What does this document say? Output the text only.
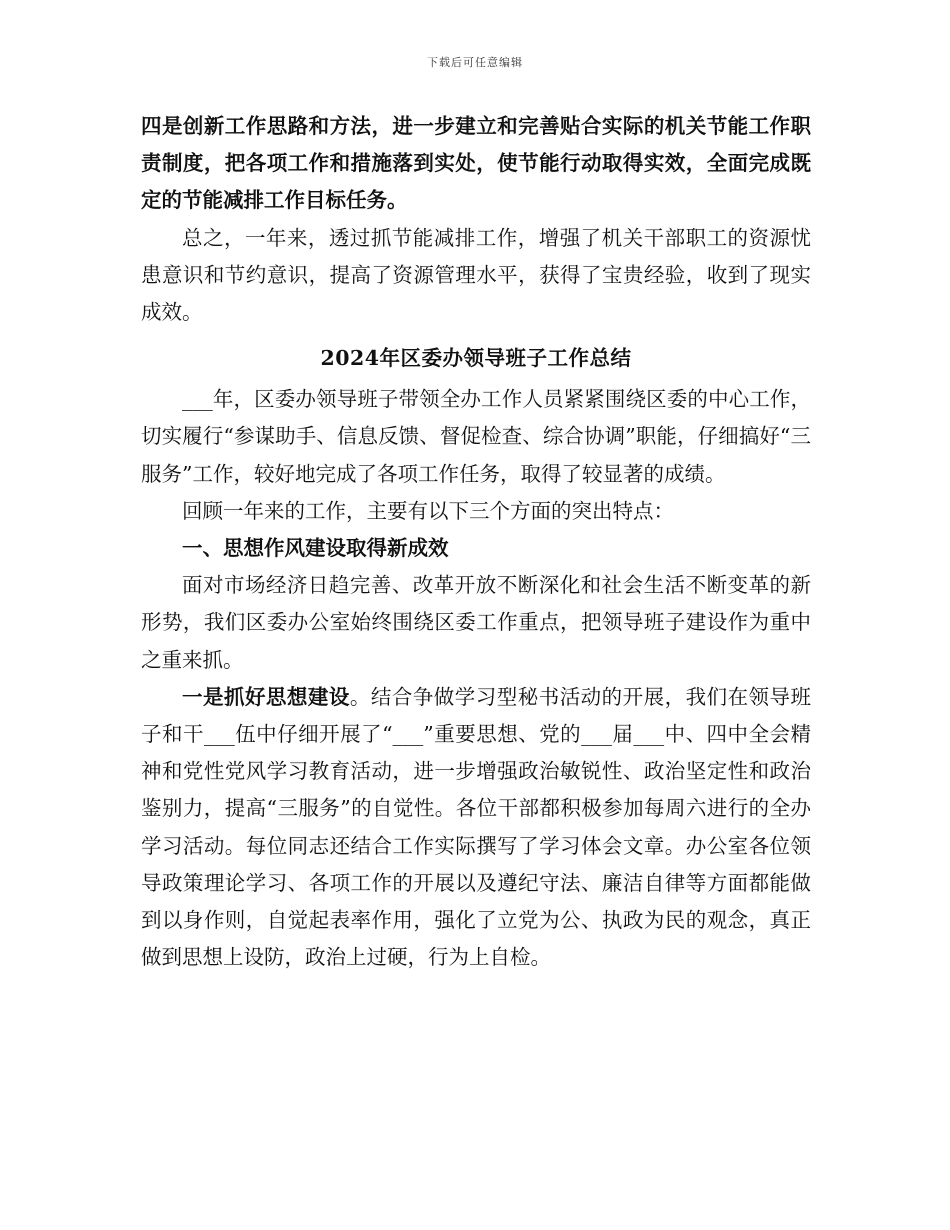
下载后可任意编辑

四是创新工作思路和方法，进一步建立和完善贴合实际的机关节能工作职责制度，把各项工作和措施落到实处，使节能行动取得实效，全面完成既定的节能减排工作目标任务。

总之，一年来，透过抓节能减排工作，增强了机关干部职工的资源忧患意识和节约意识，提高了资源管理水平，获得了宝贵经验，收到了现实成效。

2024年区委办领导班子工作总结

___年，区委办领导班子带领全办工作人员紧紧围绕区委的中心工作，切实履行“参谋助手、信息反馈、督促检查、综合协调”职能，仔细搞好“三服务”工作，较好地完成了各项工作任务，取得了较显著的成绩。

回顾一年来的工作，主要有以下三个方面的突出特点：

一、思想作风建设取得新成效

面对市场经济日趋完善、改革开放不断深化和社会生活不断变革的新形势，我们区委办公室始终围绕区委工作重点，把领导班子建设作为重中之重来抓。

一是抓好思想建设。结合争做学习型秘书活动的开展，我们在领导班子和干___伍中仔细开展了“___”重要思想、党的___届___中、四中全会精神和党性党风学习教育活动，进一步增强政治敏锐性、政治坚定性和政治鉴别力，提高“三服务”的自觉性。各位干部都积极参加每周六进行的全办学习活动。每位同志还结合工作实际撰写了学习体会文章。办公室各位领导政策理论学习、各项工作的开展以及遵纪守法、廉洁自律等方面都能做到以身作则，自觉起表率作用，强化了立党为公、执政为民的观念，真正做到思想上设防，政治上过硬，行为上自检。
